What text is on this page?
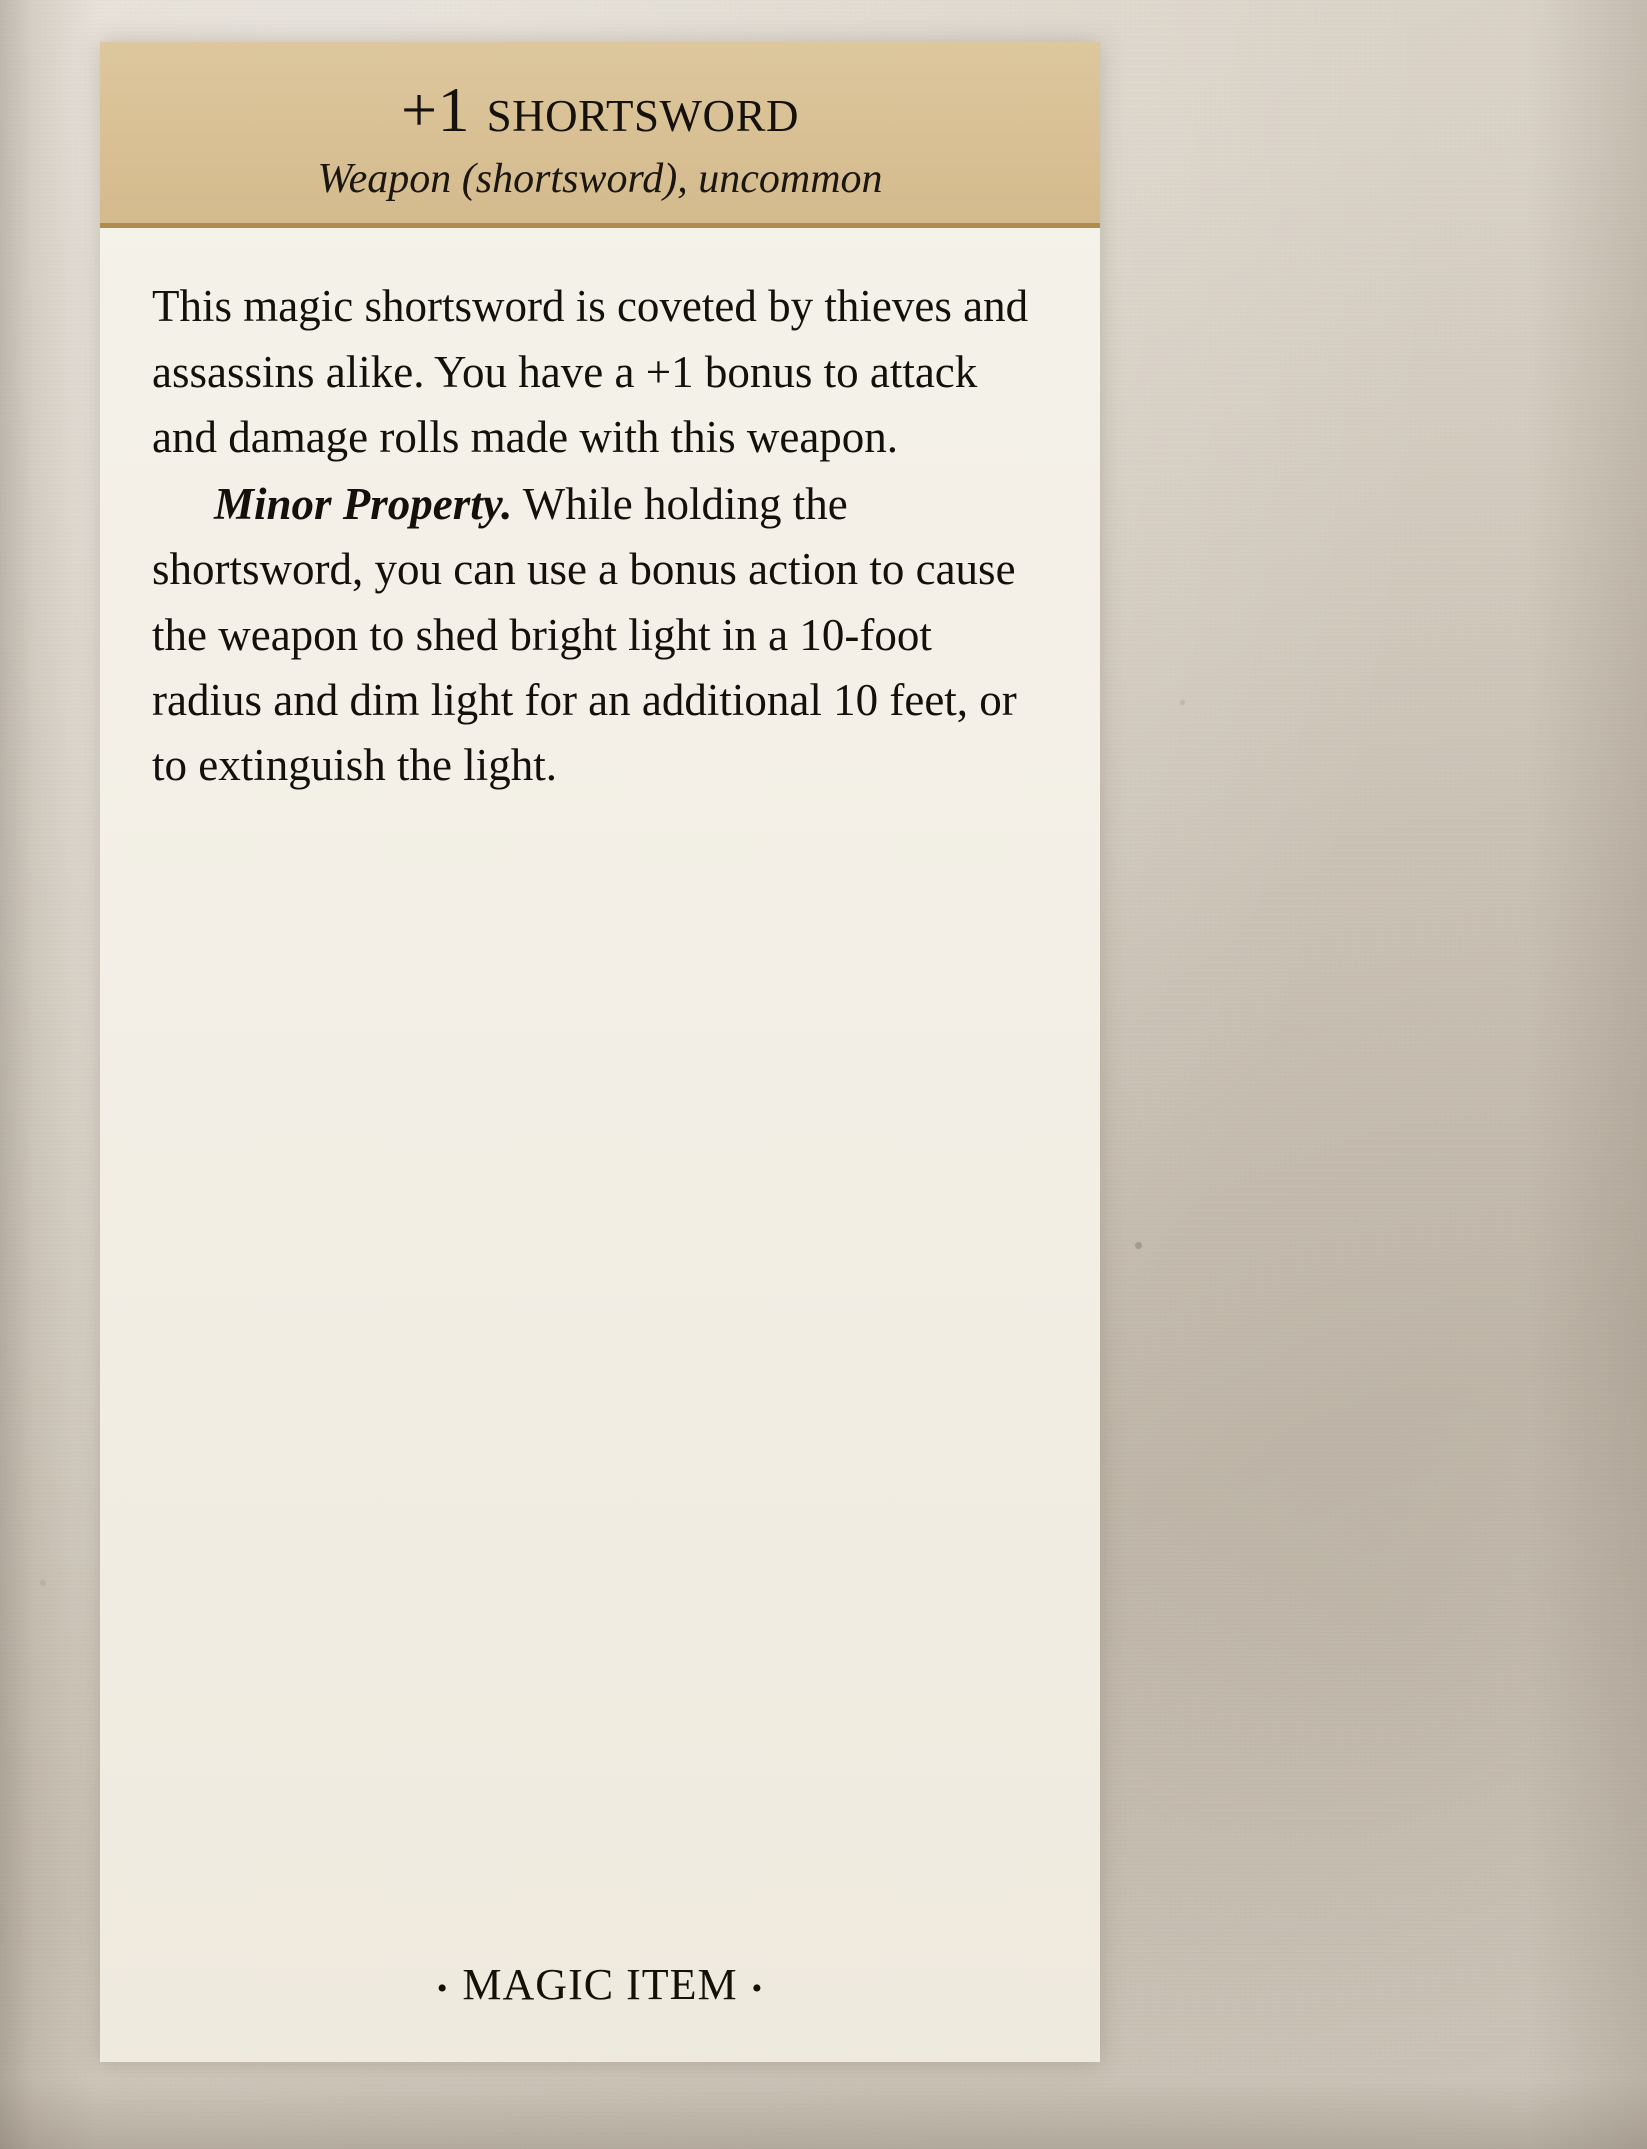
+1 shortsword
Weapon (shortsword), uncommon

This magic shortsword is coveted by thieves and assassins alike. You have a +1 bonus to attack and damage rolls made with this weapon.

Minor Property. While holding the shortsword, you can use a bonus action to cause the weapon to shed bright light in a 10-foot radius and dim light for an additional 10 feet, or to extinguish the light.

• MAGIC ITEM •
